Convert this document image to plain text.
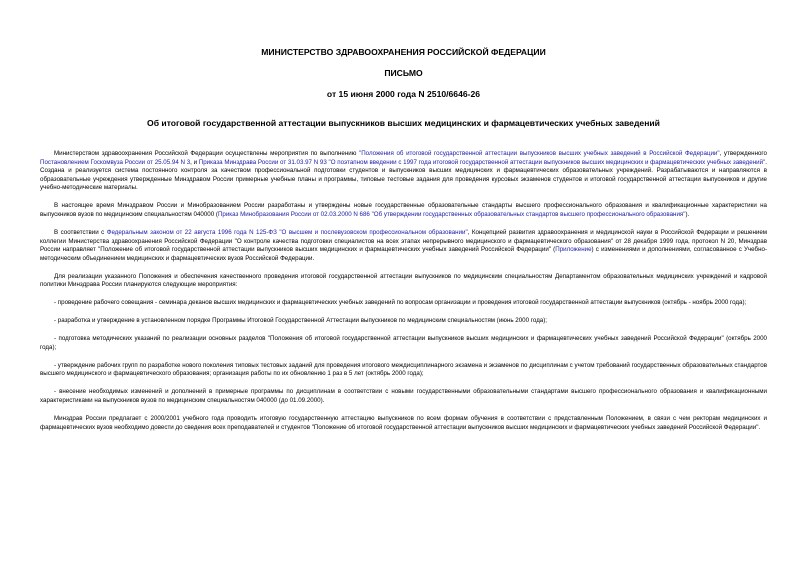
МИНИСТЕРСТВО ЗДРАВООХРАНЕНИЯ РОССИЙСКОЙ ФЕДЕРАЦИИ
ПИСЬМО
от 15 июня 2000 года N 2510/6646-26
Об итоговой государственной аттестации выпускников высших медицинских и фармацевтических учебных заведений

Министерством здравоохранения Российской Федерации осуществлены мероприятия по выполнению "Положения об итоговой государственной аттестации выпускников высших учебных заведений в Российской Федерации", утвержденного Постановлением Госкомвуза России от 25.05.94 N 3, и Приказа Минздрава России от 31.03.97 N 93 "О поэтапном введении с 1997 года итоговой государственной аттестации выпускников высших медицинских и фармацевтических учебных заведений". Создана и реализуется система постоянного контроля за качеством профессиональной подготовки студентов и выпускников высших медицинских и фармацевтических образовательных учреждений. Разрабатываются и направляются в образовательные учреждения утвержденные Минздравом России примерные учебные планы и программы, типовые тестовые задания для проведения курсовых экзаменов студентов и итоговой государственной аттестации выпускников и другие учебно-методические материалы.

В настоящее время Минздравом России и Минобразованием России разработаны и утверждены новые государственные образовательные стандарты высшего профессионального образования и квалификационные характеристики на выпускников вузов по медицинским специальностям 040000 (Приказ Минобразования России от 02.03.2000 N 686 "Об утверждении государственных образовательных стандартов высшего профессионального образования").

В соответствии с Федеральным законом от 22 августа 1996 года N 125-ФЗ "О высшем и послевузовском профессиональном образовании", Концепцией развития здравоохранения и медицинской науки в Российской Федерации и решением коллегии Министерства здравоохранения Российской Федерации "О контроле качества подготовки специалистов на всех этапах непрерывного медицинского и фармацевтического образования" от 28 декабря 1999 года, протокол N 20, Минздрав России направляет "Положение об итоговой государственной аттестации выпускников высших медицинских и фармацевтических учебных заведений Российской Федерации" (Приложение) с изменениями и дополнениями, согласованное с Учебно-методическим объединением медицинских и фармацевтических вузов Российской Федерации.

Для реализации указанного Положения и обеспечения качественного проведения итоговой государственной аттестации выпускников по медицинским специальностям Департаментом образовательных медицинских учреждений и кадровой политики Минздрава России планируются следующие мероприятия:

- проведение рабочего совещания - семинара деканов высших медицинских и фармацевтических учебных заведений по вопросам организации и проведения итоговой государственной аттестации выпускников (октябрь - ноябрь 2000 года);

- разработка и утверждение в установленном порядке Программы Итоговой Государственной Аттестации выпускников по медицинским специальностям (июнь 2000 года);

- подготовка методических указаний по реализации основных разделов "Положения об итоговой государственной аттестации выпускников высших медицинских и фармацевтических учебных заведений Российской Федерации" (октябрь 2000 года);

- утверждение рабочих групп по разработке нового поколения типовых тестовых заданий для проведения итогового междисциплинарного экзамена и экзаменов по дисциплинам с учетом требований государственных образовательных стандартов высшего медицинского и фармацевтического образования; организация работы по их обновлению 1 раз в 5 лет (октябрь 2000 года);

- внесение необходимых изменений и дополнений в примерные программы по дисциплинам в соответствии с новыми государственными образовательными стандартами высшего профессионального образования и квалификационными характеристиками на выпускников вузов по медицинским специальностям 040000 (до 01.09.2000).

Минздрав России предлагает с 2000/2001 учебного года проводить итоговую государственную аттестацию выпускников по всем формам обучения в соответствии с представленным Положением, в связи с чем ректорам медицинских и фармацевтических вузов необходимо довести до сведения всех преподавателей и студентов "Положение об итоговой государственной аттестации выпускников высших медицинских и фармацевтических учебных заведений Российской Федерации".
